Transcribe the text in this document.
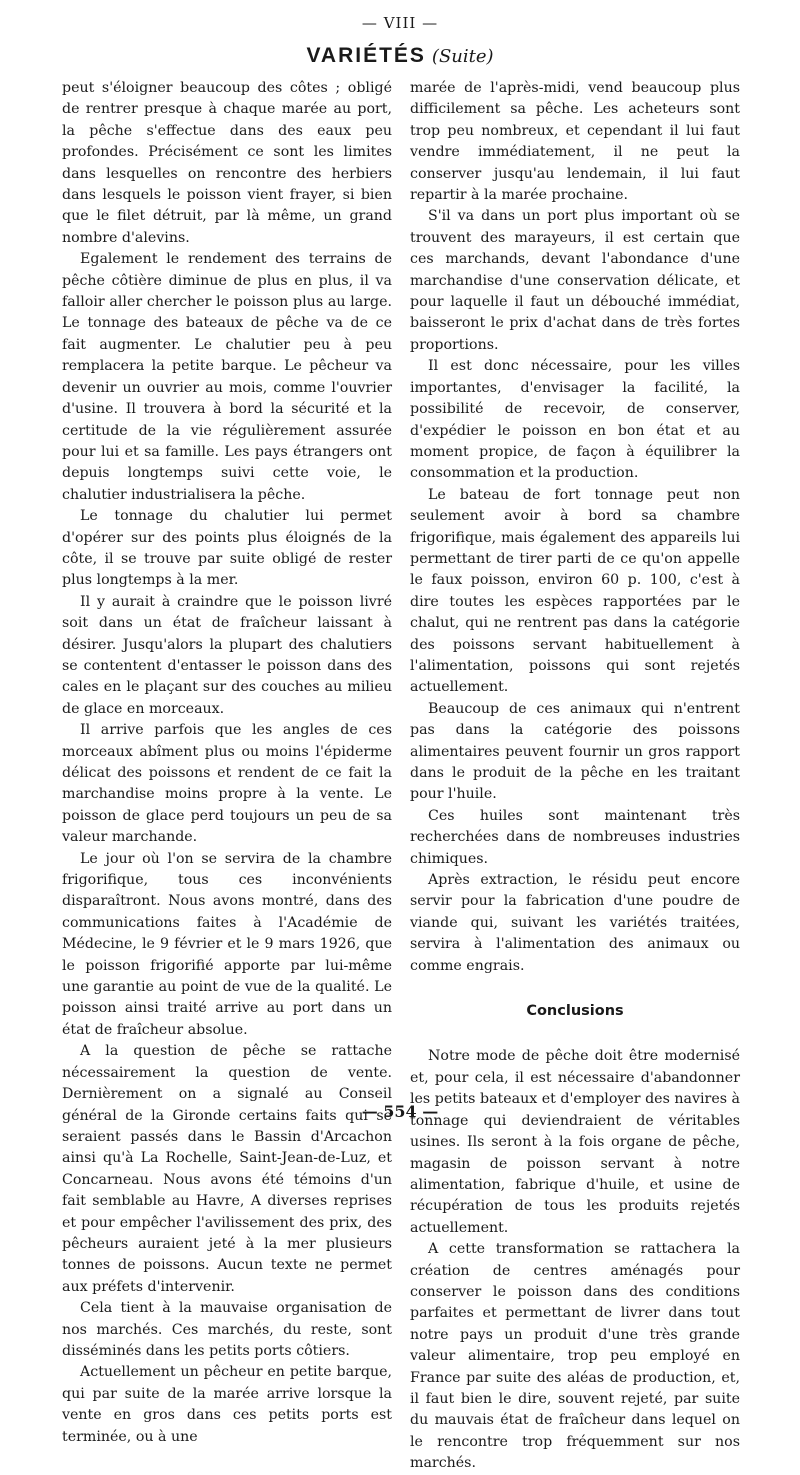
— VIII —
VARIÉTÉS (Suite)

peut s'éloigner beaucoup des côtes ; obligé de rentrer presque à chaque marée au port, la pêche s'effectue dans des eaux peu profondes. Précisément ce sont les limites dans lesquelles on rencontre des herbiers dans lesquels le poisson vient frayer, si bien que le filet détruit, par là même, un grand nombre d'alevins.

Egalement le rendement des terrains de pêche côtière diminue de plus en plus, il va falloir aller chercher le poisson plus au large. Le tonnage des bateaux de pêche va de ce fait augmenter. Le chalutier peu à peu remplacera la petite barque. Le pêcheur va devenir un ouvrier au mois, comme l'ouvrier d'usine. Il trouvera à bord la sécurité et la certitude de la vie régulièrement assurée pour lui et sa famille. Les pays étrangers ont depuis longtemps suivi cette voie, le chalutier industrialisera la pêche.

Le tonnage du chalutier lui permet d'opérer sur des points plus éloignés de la côte, il se trouve par suite obligé de rester plus longtemps à la mer.

Il y aurait à craindre que le poisson livré soit dans un état de fraîcheur laissant à désirer. Jusqu'alors la plupart des chalutiers se contentent d'entasser le poisson dans des cales en le plaçant sur des couches au milieu de glace en morceaux.

Il arrive parfois que les angles de ces morceaux abîment plus ou moins l'épiderme délicat des poissons et rendent de ce fait la marchandise moins propre à la vente. Le poisson de glace perd toujours un peu de sa valeur marchande.

Le jour où l'on se servira de la chambre frigorifique, tous ces inconvénients disparaîtront. Nous avons montré, dans des communications faites à l'Académie de Médecine, le 9 février et le 9 mars 1926, que le poisson frigorifié apporte par lui-même une garantie au point de vue de la qualité. Le poisson ainsi traité arrive au port dans un état de fraîcheur absolue.

A la question de pêche se rattache nécessairement la question de vente. Dernièrement on a signalé au Conseil général de la Gironde certains faits qui se seraient passés dans le Bassin d'Arcachon ainsi qu'à La Rochelle, Saint-Jean-de-Luz, et Concarneau. Nous avons été témoins d'un fait semblable au Havre, A diverses reprises et pour empêcher l'avilissement des prix, des pêcheurs auraient jeté à la mer plusieurs tonnes de poissons. Aucun texte ne permet aux préfets d'intervenir.

Cela tient à la mauvaise organisation de nos marchés. Ces marchés, du reste, sont disséminés dans les petits ports côtiers.

Actuellement un pêcheur en petite barque, qui par suite de la marée arrive lorsque la vente en gros dans ces petits ports est terminée, ou à une

marée de l'après-midi, vend beaucoup plus difficilement sa pêche. Les acheteurs sont trop peu nombreux, et cependant il lui faut vendre immédiatement, il ne peut la conserver jusqu'au lendemain, il lui faut repartir à la marée prochaine.

S'il va dans un port plus important où se trouvent des marayeurs, il est certain que ces marchands, devant l'abondance d'une marchandise d'une conservation délicate, et pour laquelle il faut un débouché immédiat, baisseront le prix d'achat dans de très fortes proportions.

Il est donc nécessaire, pour les villes importantes, d'envisager la facilité, la possibilité de recevoir, de conserver, d'expédier le poisson en bon état et au moment propice, de façon à équilibrer la consommation et la production.

Le bateau de fort tonnage peut non seulement avoir à bord sa chambre frigorifique, mais également des appareils lui permettant de tirer parti de ce qu'on appelle le faux poisson, environ 60 p. 100, c'est à dire toutes les espèces rapportées par le chalut, qui ne rentrent pas dans la catégorie des poissons servant habituellement à l'alimentation, poissons qui sont rejetés actuellement.

Beaucoup de ces animaux qui n'entrent pas dans la catégorie des poissons alimentaires peuvent fournir un gros rapport dans le produit de la pêche en les traitant pour l'huile.

Ces huiles sont maintenant très recherchées dans de nombreuses industries chimiques.

Après extraction, le résidu peut encore servir pour la fabrication d'une poudre de viande qui, suivant les variétés traitées, servira à l'alimentation des animaux ou comme engrais.

Conclusions

Notre mode de pêche doit être modernisé et, pour cela, il est nécessaire d'abandonner les petits bateaux et d'employer des navires à tonnage qui deviendraient de véritables usines. Ils seront à la fois organe de pêche, magasin de poisson servant à notre alimentation, fabrique d'huile, et usine de récupération de tous les produits rejetés actuellement.

A cette transformation se rattachera la création de centres aménagés pour conserver le poisson dans des conditions parfaites et permettant de livrer dans tout notre pays un produit d'une très grande valeur alimentaire, trop peu employé en France par suite des aléas de production, et, il faut bien le dire, souvent rejeté, par suite du mauvais état de fraîcheur dans lequel on le rencontre trop fréquemment sur nos marchés.

— 554 —
